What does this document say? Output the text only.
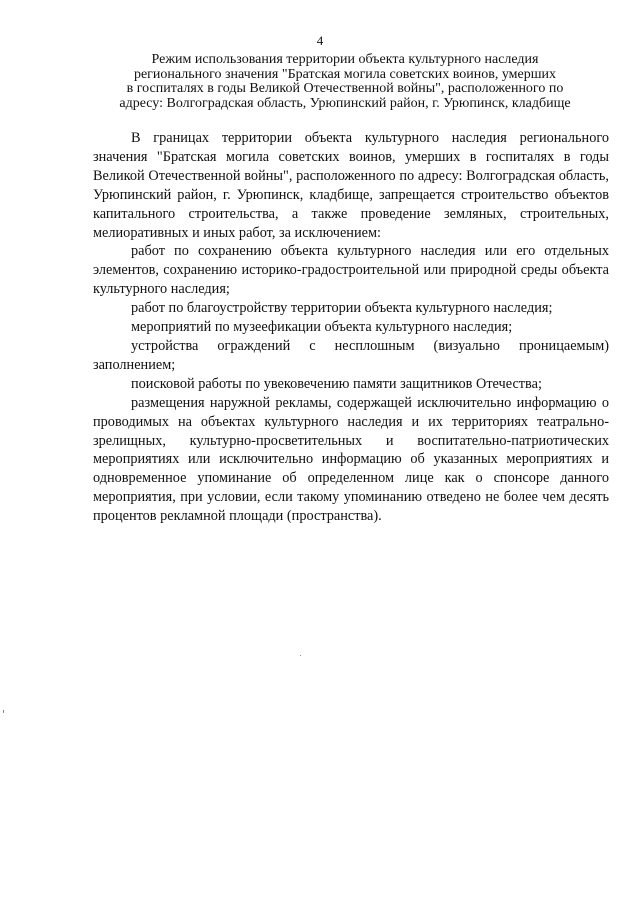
4
Режим использования территории объекта культурного наследия
регионального значения "Братская могила советских воинов, умерших
в госпиталях в годы Великой Отечественной войны", расположенного по
адресу: Волгоградская область, Урюпинский район, г. Урюпинск, кладбище

В границах территории объекта культурного наследия регионального значения "Братская могила советских воинов, умерших в госпиталях в годы Великой Отечественной войны", расположенного по адресу: Волгоградская область, Урюпинский район, г. Урюпинск, кладбище, запрещается строительство объектов капитального строительства, а также проведение земляных, строительных, мелиоративных и иных работ, за исключением:

работ по сохранению объекта культурного наследия или его отдельных элементов, сохранению историко-градостроительной или природной среды объекта культурного наследия;

работ по благоустройству территории объекта культурного наследия;

мероприятий по музеефикации объекта культурного наследия;

устройства ограждений с несплошным (визуально проницаемым) заполнением;

поисковой работы по увековечению памяти защитников Отечества;

размещения наружной рекламы, содержащей исключительно информацию о проводимых на объектах культурного наследия и их территориях театрально-зрелищных, культурно-просветительных и воспитательно-патриотических мероприятиях или исключительно информацию об указанных мероприятиях и одновременное упоминание об определенном лице как о спонсоре данного мероприятия, при условии, если такому упоминанию отведено не более чем десять процентов рекламной площади (пространства).
